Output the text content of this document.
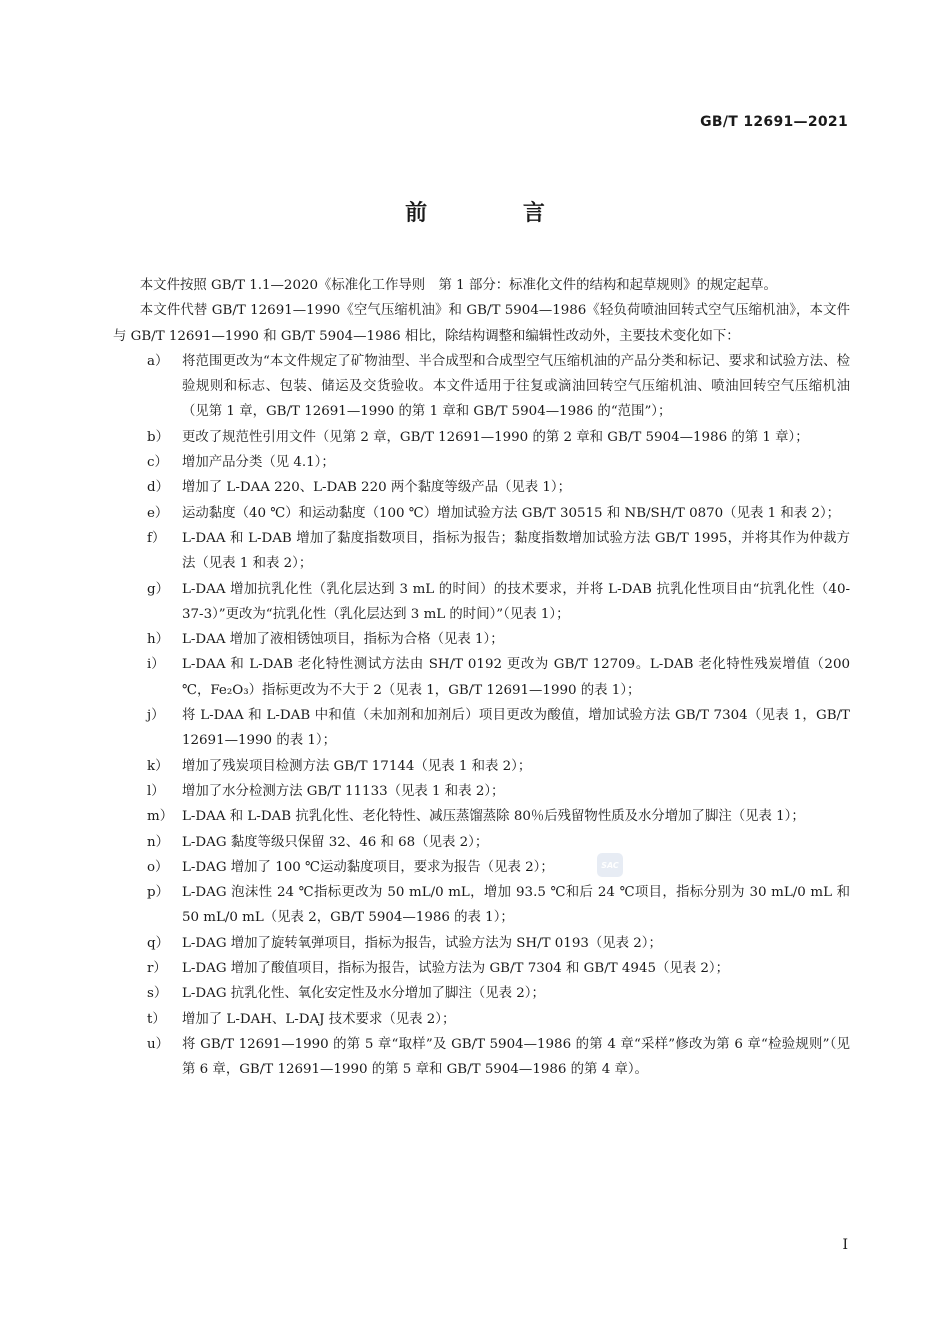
GB/T 12691—2021
前 言

本文件按照 GB/T 1.1—2020《标准化工作导则　第 1 部分：标准化文件的结构和起草规则》的规定起草。

本文件代替 GB/T 12691—1990《空气压缩机油》和 GB/T 5904—1986《轻负荷喷油回转式空气压缩机油》，本文件与 GB/T 12691—1990 和 GB/T 5904—1986 相比，除结构调整和编辑性改动外，主要技术变化如下：

a）	将范围更改为“本文件规定了矿物油型、半合成型和合成型空气压缩机油的产品分类和标记、要求和试验方法、检验规则和标志、包装、储运及交货验收。本文件适用于往复或滴油回转空气压缩机油、喷油回转空气压缩机油（见第 1 章，GB/T 12691—1990 的第 1 章和 GB/T 5904—1986 的“范围”）；
b） 更改了规范性引用文件（见第 2 章，GB/T 12691—1990 的第 2 章和 GB/T 5904—1986 的第 1 章）；
c）	增加产品分类（见 4.1）；
d） 增加了 L-DAA 220、L-DAB 220 两个黏度等级产品（见表 1）；
e）	运动黏度（40 ℃）和运动黏度（100 ℃）增加试验方法 GB/T 30515 和 NB/SH/T 0870（见表 1 和表 2）；
f）	L-DAA 和 L-DAB 增加了黏度指数项目，指标为报告；黏度指数增加试验方法 GB/T 1995，并将其作为仲裁方法（见表 1 和表 2）；
g） L-DAA 增加抗乳化性（乳化层达到 3 mL 的时间）的技术要求，并将 L-DAB 抗乳化性项目由“抗乳化性（40-37-3）”更改为“抗乳化性（乳化层达到 3 mL 的时间）”（见表 1）；
h） L-DAA 增加了液相锈蚀项目，指标为合格（见表 1）；
i）	L-DAA 和 L-DAB 老化特性测试方法由 SH/T 0192 更改为 GB/T 12709。L-DAB 老化特性残炭增值（200 ℃，Fe₂O₃）指标更改为不大于 2（见表 1，GB/T 12691—1990 的表 1）；
j）	将 L-DAA 和 L-DAB 中和值（未加剂和加剂后）项目更改为酸值，增加试验方法 GB/T 7304（见表 1，GB/T 12691—1990 的表 1）；
k）	增加了残炭项目检测方法 GB/T 17144（见表 1 和表 2）；
l）	增加了水分检测方法 GB/T 11133（见表 1 和表 2）；
m） L-DAA 和 L-DAB 抗乳化性、老化特性、减压蒸馏蒸除 80％后残留物性质及水分增加了脚注（见表 1）；
n） L-DAG 黏度等级只保留 32、46 和 68（见表 2）；
o）	L-DAG 增加了 100 ℃运动黏度项目，要求为报告（见表 2）；
p） L-DAG 泡沫性 24 ℃指标更改为 50 mL/0 mL，增加 93.5 ℃和后 24 ℃项目，指标分别为 30 mL/0 mL 和 50 mL/0 mL（见表 2，GB/T 5904—1986 的表 1）；
q） L-DAG 增加了旋转氧弹项目，指标为报告，试验方法为 SH/T 0193（见表 2）；
r）	L-DAG 增加了酸值项目，指标为报告，试验方法为 GB/T 7304 和 GB/T 4945（见表 2）；
s）	L-DAG 抗乳化性、氧化安定性及水分增加了脚注（见表 2）；
t）	增加了 L-DAH、L-DAJ 技术要求（见表 2）；
u） 将 GB/T 12691—1990 的第 5 章“取样”及 GB/T 5904—1986 的第 4 章“采样”修改为第 6 章“检验规则”（见第 6 章，GB/T 12691—1990 的第 5 章和 GB/T 5904—1986 的第 4 章）。
SAC
Ⅰ
